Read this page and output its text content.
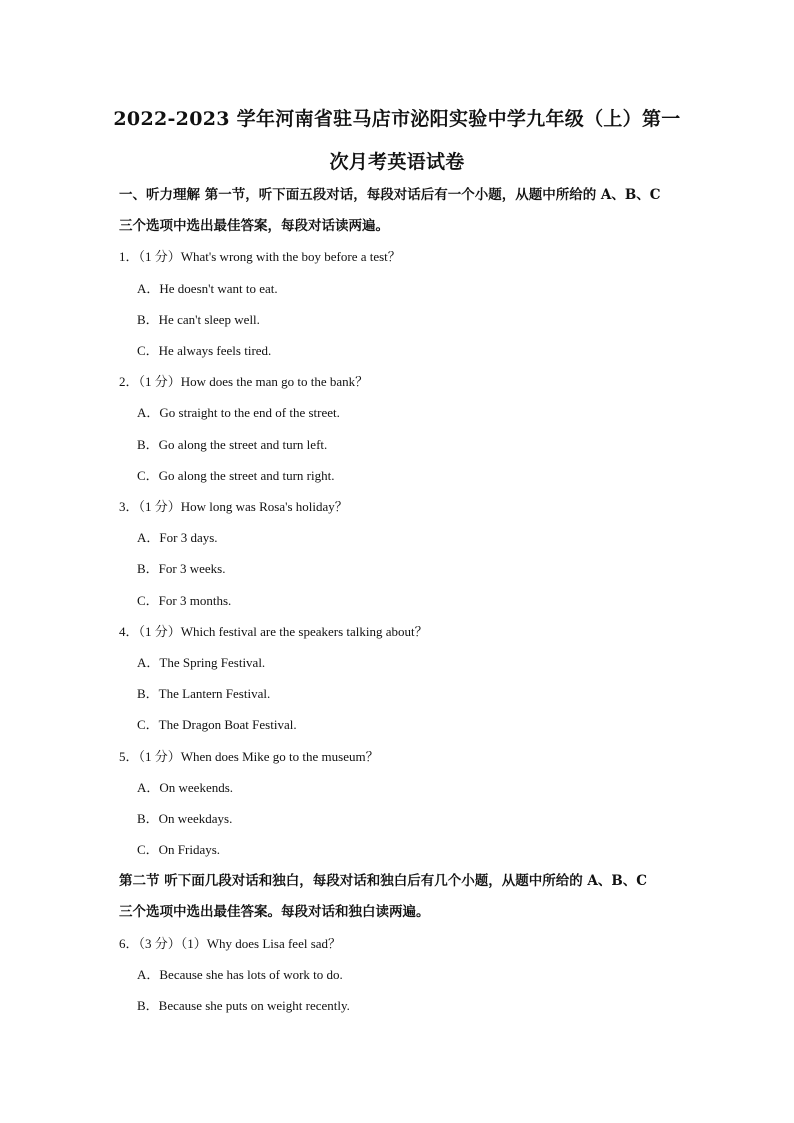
2022-2023 学年河南省驻马店市泌阳实验中学九年级（上）第一
次月考英语试卷
一、听力理解 第一节，听下面五段对话，每段对话后有一个小题，从题中所给的 A、B、C
三个选项中选出最佳答案，每段对话读两遍。
1．（1 分）What's wrong with the boy before a test？
A．He doesn't want to eat.
B．He can't sleep well.
C．He always feels tired.
2．（1 分）How does the man go to the bank？
A．Go straight to the end of the street.
B．Go along the street and turn left.
C．Go along the street and turn right.
3．（1 分）How long was Rosa's holiday？
A．For 3 days.
B．For 3 weeks.
C．For 3 months.
4．（1 分）Which festival are the speakers talking about？
A．The Spring Festival.
B．The Lantern Festival.
C．The Dragon Boat Festival.
5．（1 分）When does Mike go to the museum？
A．On weekends.
B．On weekdays.
C．On Fridays.
第二节 听下面几段对话和独白，每段对话和独白后有几个小题，从题中所给的 A、B、C
三个选项中选出最佳答案。每段对话和独白读两遍。
6．（3 分）（1）Why does Lisa feel sad？
A．Because she has lots of work to do.
B．Because she puts on weight recently.
